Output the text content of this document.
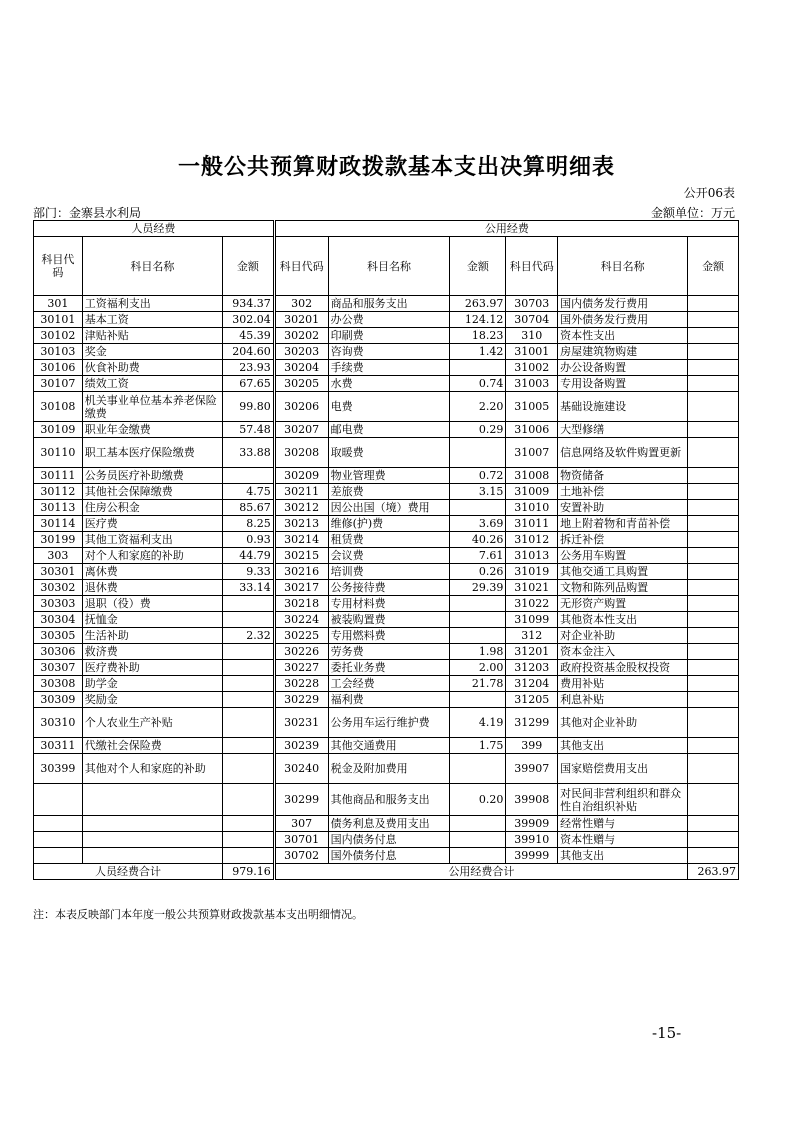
一般公共预算财政拨款基本支出决算明细表
公开06表
部门：金寨县水利局	金额单位：万元
人员经费			公用经费					
科目代码	科目名称	金额	科目代码	科目名称	金额	科目代码	科目名称	金额
301	工资福利支出	934.37	302	商品和服务支出	263.97	30703	国内债务发行费用	
30101	基本工资	302.04	30201	办公费	124.12	30704	国外债务发行费用	
30102	津贴补贴	45.39	30202	印刷费	18.23	310	资本性支出	
30103	奖金	204.60	30203	咨询费	1.42	31001	房屋建筑物购建	
30106	伙食补助费	23.93	30204	手续费		31002	办公设备购置	
30107	绩效工资	67.65	30205	水费	0.74	31003	专用设备购置	
30108	机关事业单位基本养老保险缴费	99.80	30206	电费	2.20	31005	基础设施建设	
30109	职业年金缴费	57.48	30207	邮电费	0.29	31006	大型修缮	
30110	职工基本医疗保险缴费	33.88	30208	取暖费		31007	信息网络及软件购置更新	
30111	公务员医疗补助缴费		30209	物业管理费	0.72	31008	物资储备	
30112	其他社会保障缴费	4.75	30211	差旅费	3.15	31009	土地补偿	
30113	住房公积金	85.67	30212	因公出国（境）费用		31010	安置补助	
30114	医疗费	8.25	30213	维修(护)费	3.69	31011	地上附着物和青苗补偿	
30199	其他工资福利支出	0.93	30214	租赁费	40.26	31012	拆迁补偿	
303	对个人和家庭的补助	44.79	30215	会议费	7.61	31013	公务用车购置	
30301	离休费	9.33	30216	培训费	0.26	31019	其他交通工具购置	
30302	退休费	33.14	30217	公务接待费	29.39	31021	文物和陈列品购置	
30303	退职（役）费		30218	专用材料费		31022	无形资产购置	
30304	抚恤金		30224	被装购置费		31099	其他资本性支出	
30305	生活补助	2.32	30225	专用燃料费		312	对企业补助	
30306	救济费		30226	劳务费	1.98	31201	资本金注入	
30307	医疗费补助		30227	委托业务费	2.00	31203	政府投资基金股权投资	
30308	助学金		30228	工会经费	21.78	31204	费用补贴	
30309	奖励金		30229	福利费		31205	利息补贴	
30310	个人农业生产补贴		30231	公务用车运行维护费	4.19	31299	其他对企业补助	
30311	代缴社会保险费		30239	其他交通费用	1.75	399	其他支出	
30399	其他对个人和家庭的补助		30240	税金及附加费用		39907	国家赔偿费用支出	
			30299	其他商品和服务支出	0.20	39908	对民间非营利组织和群众性自治组织补贴	
			307	债务利息及费用支出		39909	经常性赠与	
			30701	国内债务付息		39910	资本性赠与	
			30702	国外债务付息		39999	其他支出	
人员经费合计		979.16	公用经费合计					263.97
注：本表反映部门本年度一般公共预算财政拨款基本支出明细情况。
-15-
